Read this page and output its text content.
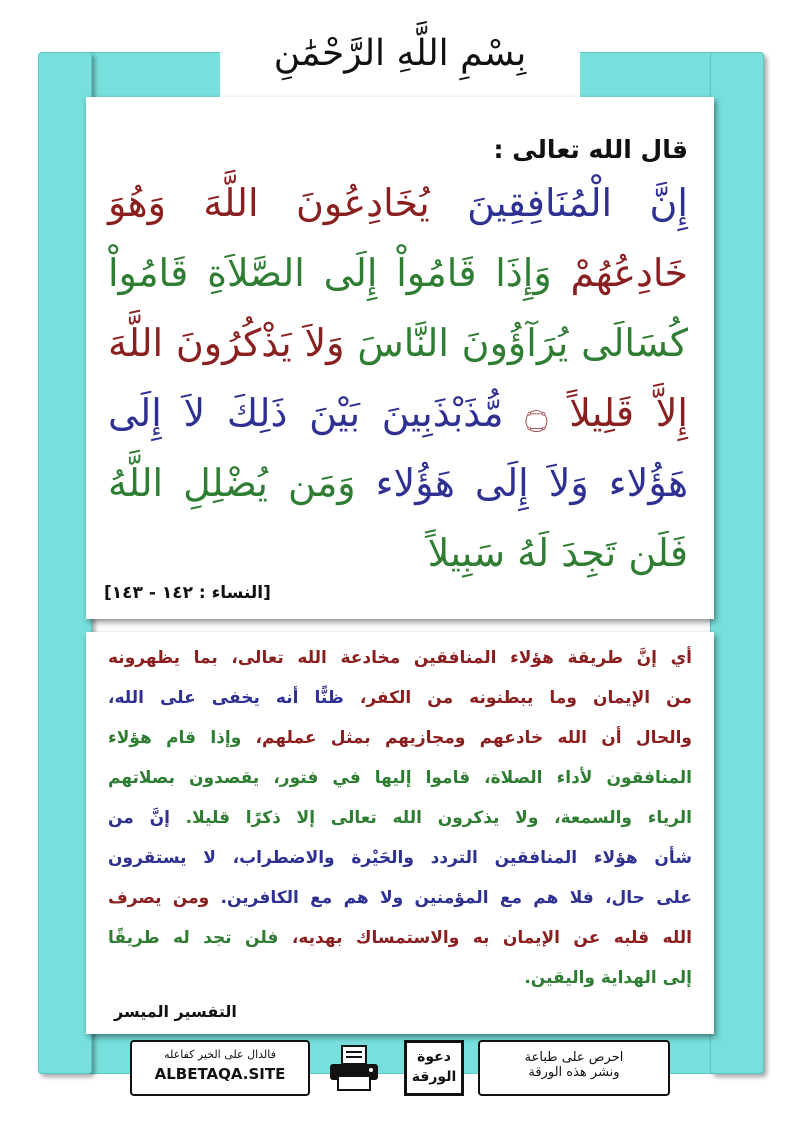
بِسْمِ اللَّهِ الرَّحْمَٰنِ
قال الله تعالى :
إِنَّ الْمُنَافِقِينَ يُخَادِعُونَ اللَّهَ وَهُوَ
خَادِعُهُمْ وَإِذَا قَامُواْ إِلَى الصَّلاَةِ قَامُواْ
كُسَالَى يُرَآؤُونَ النَّاسَ وَلاَ يَذْكُرُونَ اللَّهَ
إِلاَّ قَلِيلاً ۝ مُّذَبْذَبِينَ بَيْنَ ذَلِكَ لاَ إِلَى
هَؤُلاء وَلاَ إِلَى هَؤُلاء وَمَن يُضْلِلِ اللَّهُ
فَلَن تَجِدَ لَهُ سَبِيلاً
[النساء : ١٤٢ - ١٤٣]
أي إنَّ طريقة هؤلاء المنافقين مخادعة الله تعالى، بما يظهرونه
من الإيمان وما يبطنونه من الكفر، ظنًّا أنه يخفى على الله،
والحال أن الله خادعهم ومجازيهم بمثل عملهم، وإذا قام هؤلاء
المنافقون لأداء الصلاة، قاموا إليها في فتور، يقصدون بصلاتهم
الرياء والسمعة، ولا يذكرون الله تعالى إلا ذكرًا قليلا. إنَّ من
شأن هؤلاء المنافقين التردد والحَيْرة والاضطراب، لا يستقرون
على حال، فلا هم مع المؤمنين ولا هم مع الكافرين. ومن يصرف
الله قلبه عن الإيمان به والاستمساك بهديه، فلن تجد له طريقًا
إلى الهداية واليقين.
التفسير الميسر
فالدال على الخير كفاعله
ALBETAQA.SITE
دعوة الورقة
احرص على طباعة
ونشر هذه الورقة
